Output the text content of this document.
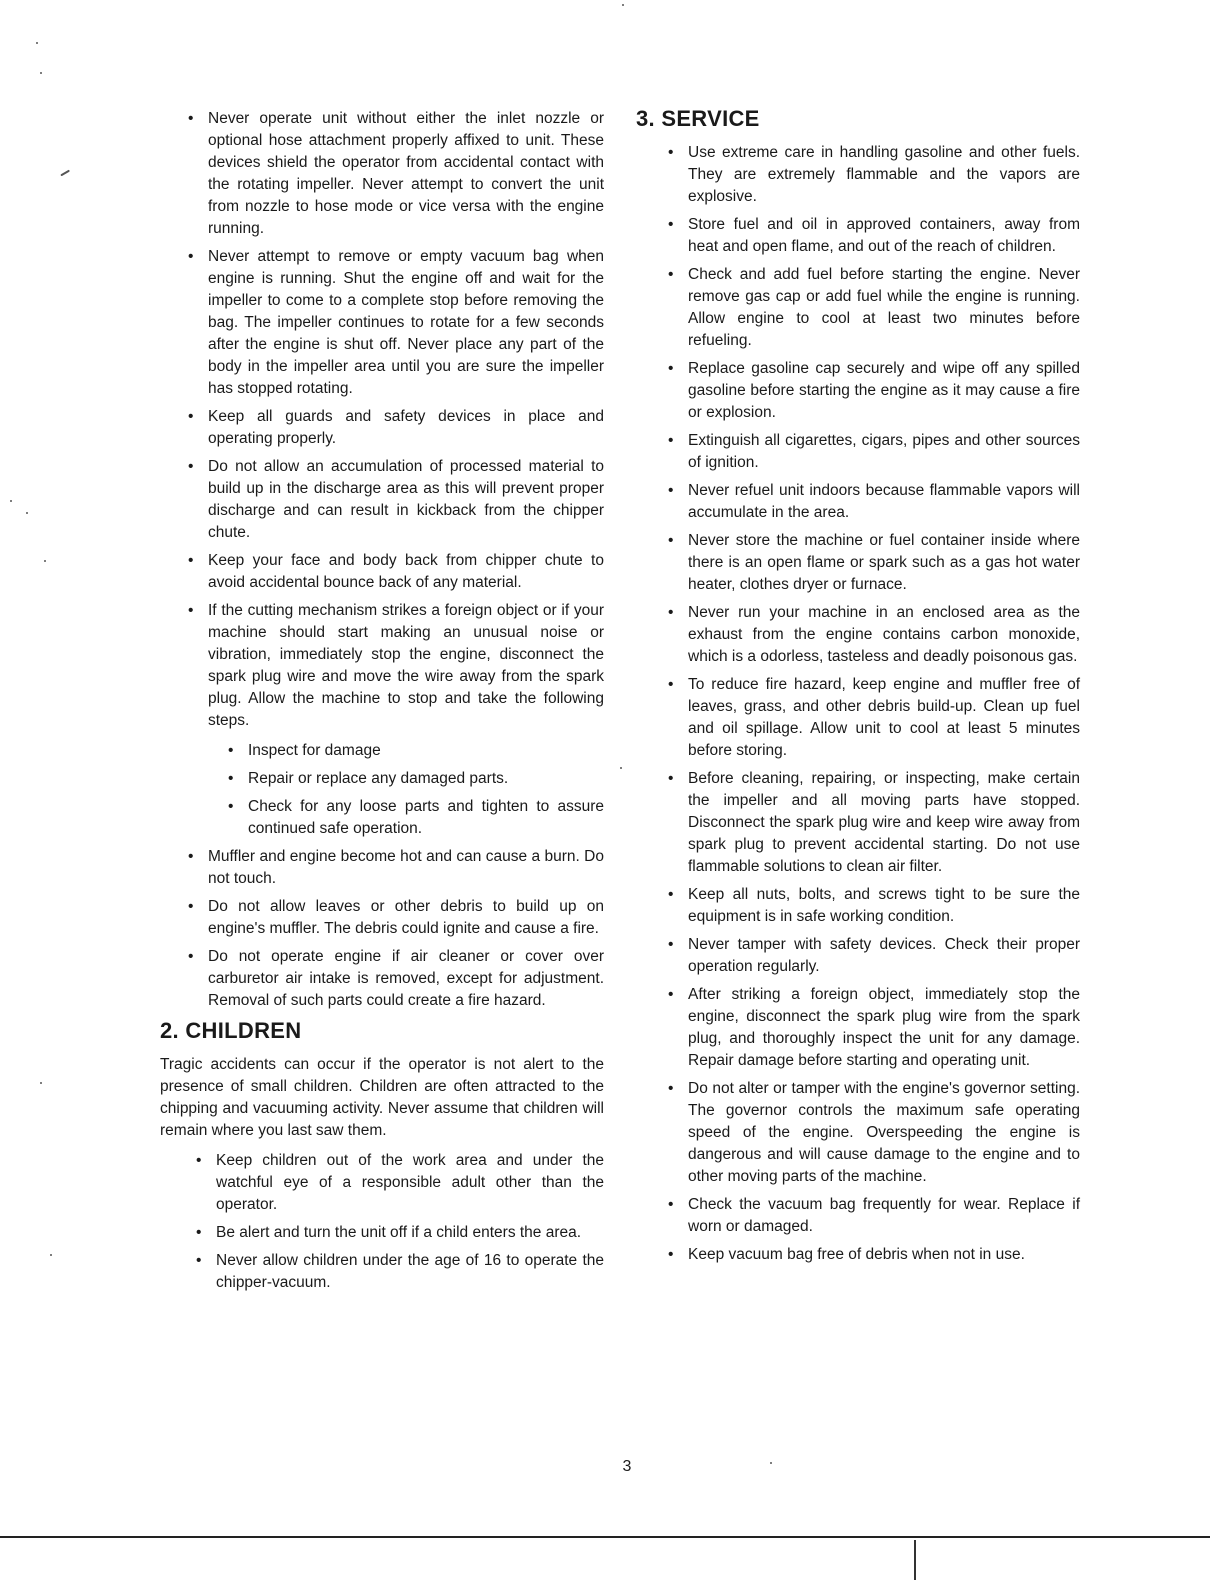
• Never operate unit without either the inlet nozzle or optional hose attachment properly affixed to unit. These devices shield the operator from accidental contact with the rotating impeller. Never attempt to convert the unit from nozzle to hose mode or vice versa with the engine running.
• Never attempt to remove or empty vacuum bag when engine is running. Shut the engine off and wait for the impeller to come to a complete stop before removing the bag. The impeller continues to rotate for a few seconds after the engine is shut off. Never place any part of the body in the impeller area until you are sure the impeller has stopped rotating.
• Keep all guards and safety devices in place and operating properly.
• Do not allow an accumulation of processed material to build up in the discharge area as this will prevent proper discharge and can result in kickback from the chipper chute.
• Keep your face and body back from chipper chute to avoid accidental bounce back of any material.
• If the cutting mechanism strikes a foreign object or if your machine should start making an unusual noise or vibration, immediately stop the engine, disconnect the spark plug wire and move the wire away from the spark plug. Allow the machine to stop and take the following steps.
• Inspect for damage
• Repair or replace any damaged parts.
• Check for any loose parts and tighten to assure continued safe operation.
• Muffler and engine become hot and can cause a burn. Do not touch.
• Do not allow leaves or other debris to build up on engine's muffler. The debris could ignite and cause a fire.
• Do not operate engine if air cleaner or cover over carburetor air intake is removed, except for adjustment. Removal of such parts could create a fire hazard.
2. CHILDREN

Tragic accidents can occur if the operator is not alert to the presence of small children. Children are often attracted to the chipping and vacuuming activity. Never assume that children will remain where you last saw them.

• Keep children out of the work area and under the watchful eye of a responsible adult other than the operator.
• Be alert and turn the unit off if a child enters the area.
• Never allow children under the age of 16 to operate the chipper-vacuum.
3. SERVICE
• Use extreme care in handling gasoline and other fuels. They are extremely flammable and the vapors are explosive.
• Store fuel and oil in approved containers, away from heat and open flame, and out of the reach of children.
• Check and add fuel before starting the engine. Never remove gas cap or add fuel while the engine is running. Allow engine to cool at least two minutes before refueling.
• Replace gasoline cap securely and wipe off any spilled gasoline before starting the engine as it may cause a fire or explosion.
• Extinguish all cigarettes, cigars, pipes and other sources of ignition.
• Never refuel unit indoors because flammable vapors will accumulate in the area.
• Never store the machine or fuel container inside where there is an open flame or spark such as a gas hot water heater, clothes dryer or furnace.
• Never run your machine in an enclosed area as the exhaust from the engine contains carbon monoxide, which is a odorless, tasteless and deadly poisonous gas.
• To reduce fire hazard, keep engine and muffler free of leaves, grass, and other debris build-up. Clean up fuel and oil spillage. Allow unit to cool at least 5 minutes before storing.
• Before cleaning, repairing, or inspecting, make certain the impeller and all moving parts have stopped. Disconnect the spark plug wire and keep wire away from spark plug to prevent accidental starting. Do not use flammable solutions to clean air filter.
• Keep all nuts, bolts, and screws tight to be sure the equipment is in safe working condition.
• Never tamper with safety devices. Check their proper operation regularly.
• After striking a foreign object, immediately stop the engine, disconnect the spark plug wire from the spark plug, and thoroughly inspect the unit for any damage. Repair damage before starting and operating unit.
• Do not alter or tamper with the engine's governor setting. The governor controls the maximum safe operating speed of the engine. Overspeeding the engine is dangerous and will cause damage to the engine and to other moving parts of the machine.
• Check the vacuum bag frequently for wear. Replace if worn or damaged.
• Keep vacuum bag free of debris when not in use.
3
